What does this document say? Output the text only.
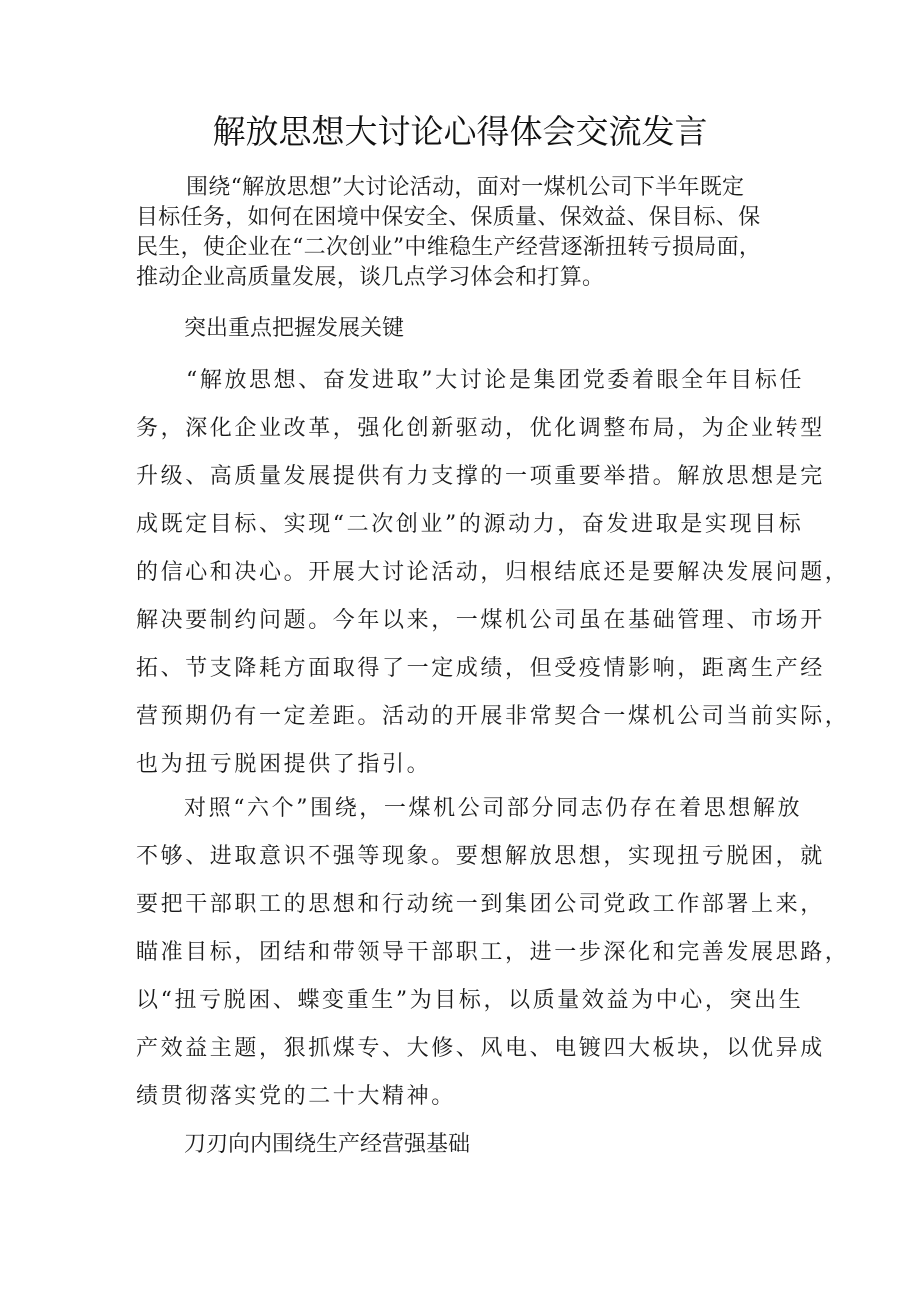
解放思想大讨论心得体会交流发言
围绕“解放思想”大讨论活动，面对一煤机公司下半年既定
目标任务，如何在困境中保安全、保质量、保效益、保目标、保
民生，使企业在“二次创业”中维稳生产经营逐渐扭转亏损局面，
推动企业高质量发展，谈几点学习体会和打算。
突出重点把握发展关键
“解放思想、奋发进取”大讨论是集团党委着眼全年目标任
务，深化企业改革，强化创新驱动，优化调整布局，为企业转型
升级、高质量发展提供有力支撑的一项重要举措。解放思想是完
成既定目标、实现“二次创业”的源动力，奋发进取是实现目标
的信心和决心。开展大讨论活动，归根结底还是要解决发展问题，
解决要制约问题。今年以来，一煤机公司虽在基础管理、市场开
拓、节支降耗方面取得了一定成绩，但受疫情影响，距离生产经
营预期仍有一定差距。活动的开展非常契合一煤机公司当前实际，
也为扭亏脱困提供了指引。
对照“六个”围绕，一煤机公司部分同志仍存在着思想解放
不够、进取意识不强等现象。要想解放思想，实现扭亏脱困，就
要把干部职工的思想和行动统一到集团公司党政工作部署上来，
瞄准目标，团结和带领导干部职工，进一步深化和完善发展思路，
以“扭亏脱困、蝶变重生”为目标，以质量效益为中心，突出生
产效益主题，狠抓煤专、大修、风电、电镀四大板块，以优异成
绩贯彻落实党的二十大精神。
刀刃向内围绕生产经营强基础
